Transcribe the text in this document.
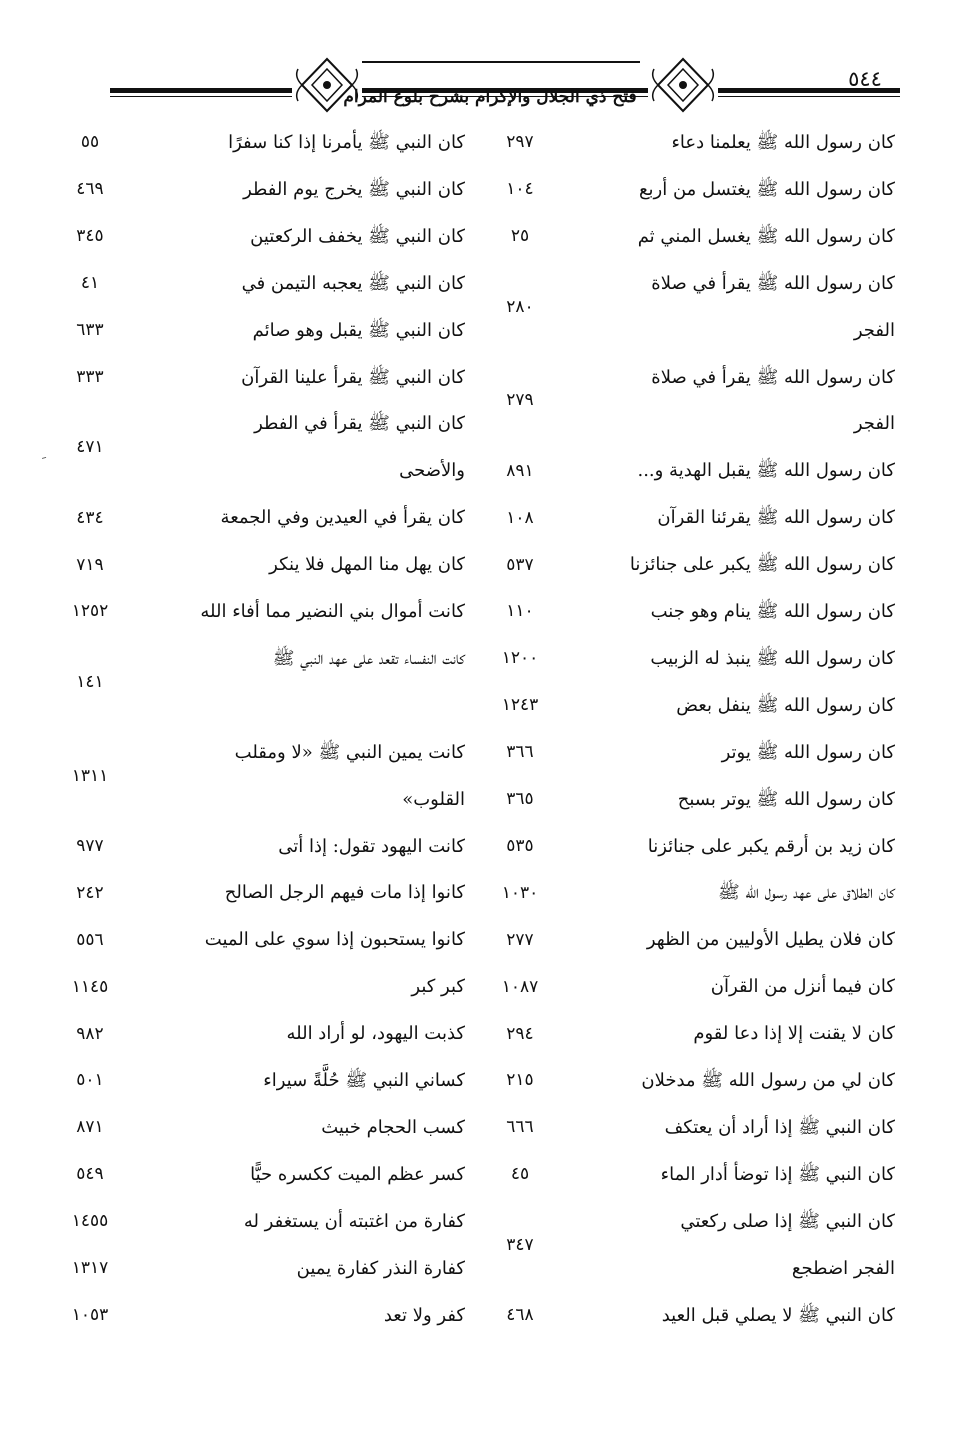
٥٤٤
فتح ذي الجلال والإكرام بشرح بلوغ المرام
كان رسول الله ﷺ يعلمنا دعاء
٢٩٧
كان رسول الله ﷺ يغتسل من أربع
١٠٤
كان رسول الله ﷺ يغسل المني ثم
٢٥
كان رسول الله ﷺ يقرأ في صلاة الفجر
٢٨٠
كان رسول الله ﷺ يقرأ في صلاة الفجر
٢٧٩
كان رسول الله ﷺ يقبل الهدية و...
٨٩١
كان رسول الله ﷺ يقرئنا القرآن
١٠٨
كان رسول الله ﷺ يكبر على جنائزنا
٥٣٧
كان رسول الله ﷺ ينام وهو جنب
١١٠
كان رسول الله ﷺ ينبذ له الزبيب
١٢٠٠
كان رسول الله ﷺ ينفل بعض
١٢٤٣
كان رسول الله ﷺ يوتر
٣٦٦
كان رسول الله ﷺ يوتر بسبح
٣٦٥
كان زيد بن أرقم يكبر على جنائزنا
٥٣٥
كان الطلاق على عهد رسول الله ﷺ
١٠٣٠
كان فلان يطيل الأوليين من الظهر
٢٧٧
كان فيما أنزل من القرآن
١٠٨٧
كان لا يقنت إلا إذا دعا لقوم
٢٩٤
كان لي من رسول الله ﷺ مدخلان
٢١٥
كان النبي ﷺ إذا أراد أن يعتكف
٦٦٦
كان النبي ﷺ إذا توضأ أدار الماء
٤٥
كان النبي ﷺ إذا صلى ركعتي الفجر اضطجع
٣٤٧
كان النبي ﷺ لا يصلي قبل العيد
٤٦٨
كان النبي ﷺ يأمرنا إذا كنا سفرًا
٥٥
كان النبي ﷺ يخرج يوم الفطر
٤٦٩
كان النبي ﷺ يخفف الركعتين
٣٤٥
كان النبي ﷺ يعجبه التيمن في
٤١
كان النبي ﷺ يقبل وهو صائم
٦٣٣
كان النبي ﷺ يقرأ علينا القرآن
٣٣٣
كان النبي ﷺ يقرأ في الفطر والأضحى
٤٧١
كان يقرأ في العيدين وفي الجمعة
٤٣٤
كان يهل منا المهل فلا ينكر
٧١٩
كانت أموال بني النضير مما أفاء الله
١٢٥٢
كانت النفساء تقعد على عهد النبي ﷺ
١٤١
كانت يمين النبي ﷺ «لا ومقلب القلوب»
١٣١١
كانت اليهود تقول: إذا أتى
٩٧٧
كانوا إذا مات فيهم الرجل الصالح
٢٤٢
كانوا يستحبون إذا سوي على الميت
٥٥٦
كبر كبر
١١٤٥
كذبت اليهود، لو أراد الله
٩٨٢
كساني النبي ﷺ حُلَّةً سيراء
٥٠١
كسب الحجام خبيث
٨٧١
كسر عظم الميت ككسره حيًّا
٥٤٩
كفارة من اغتبته أن يستغفر له
١٤٥٥
كفارة النذر كفارة يمين
١٣١٧
كفر ولا تعد
١٠٥٣
ﹶ
